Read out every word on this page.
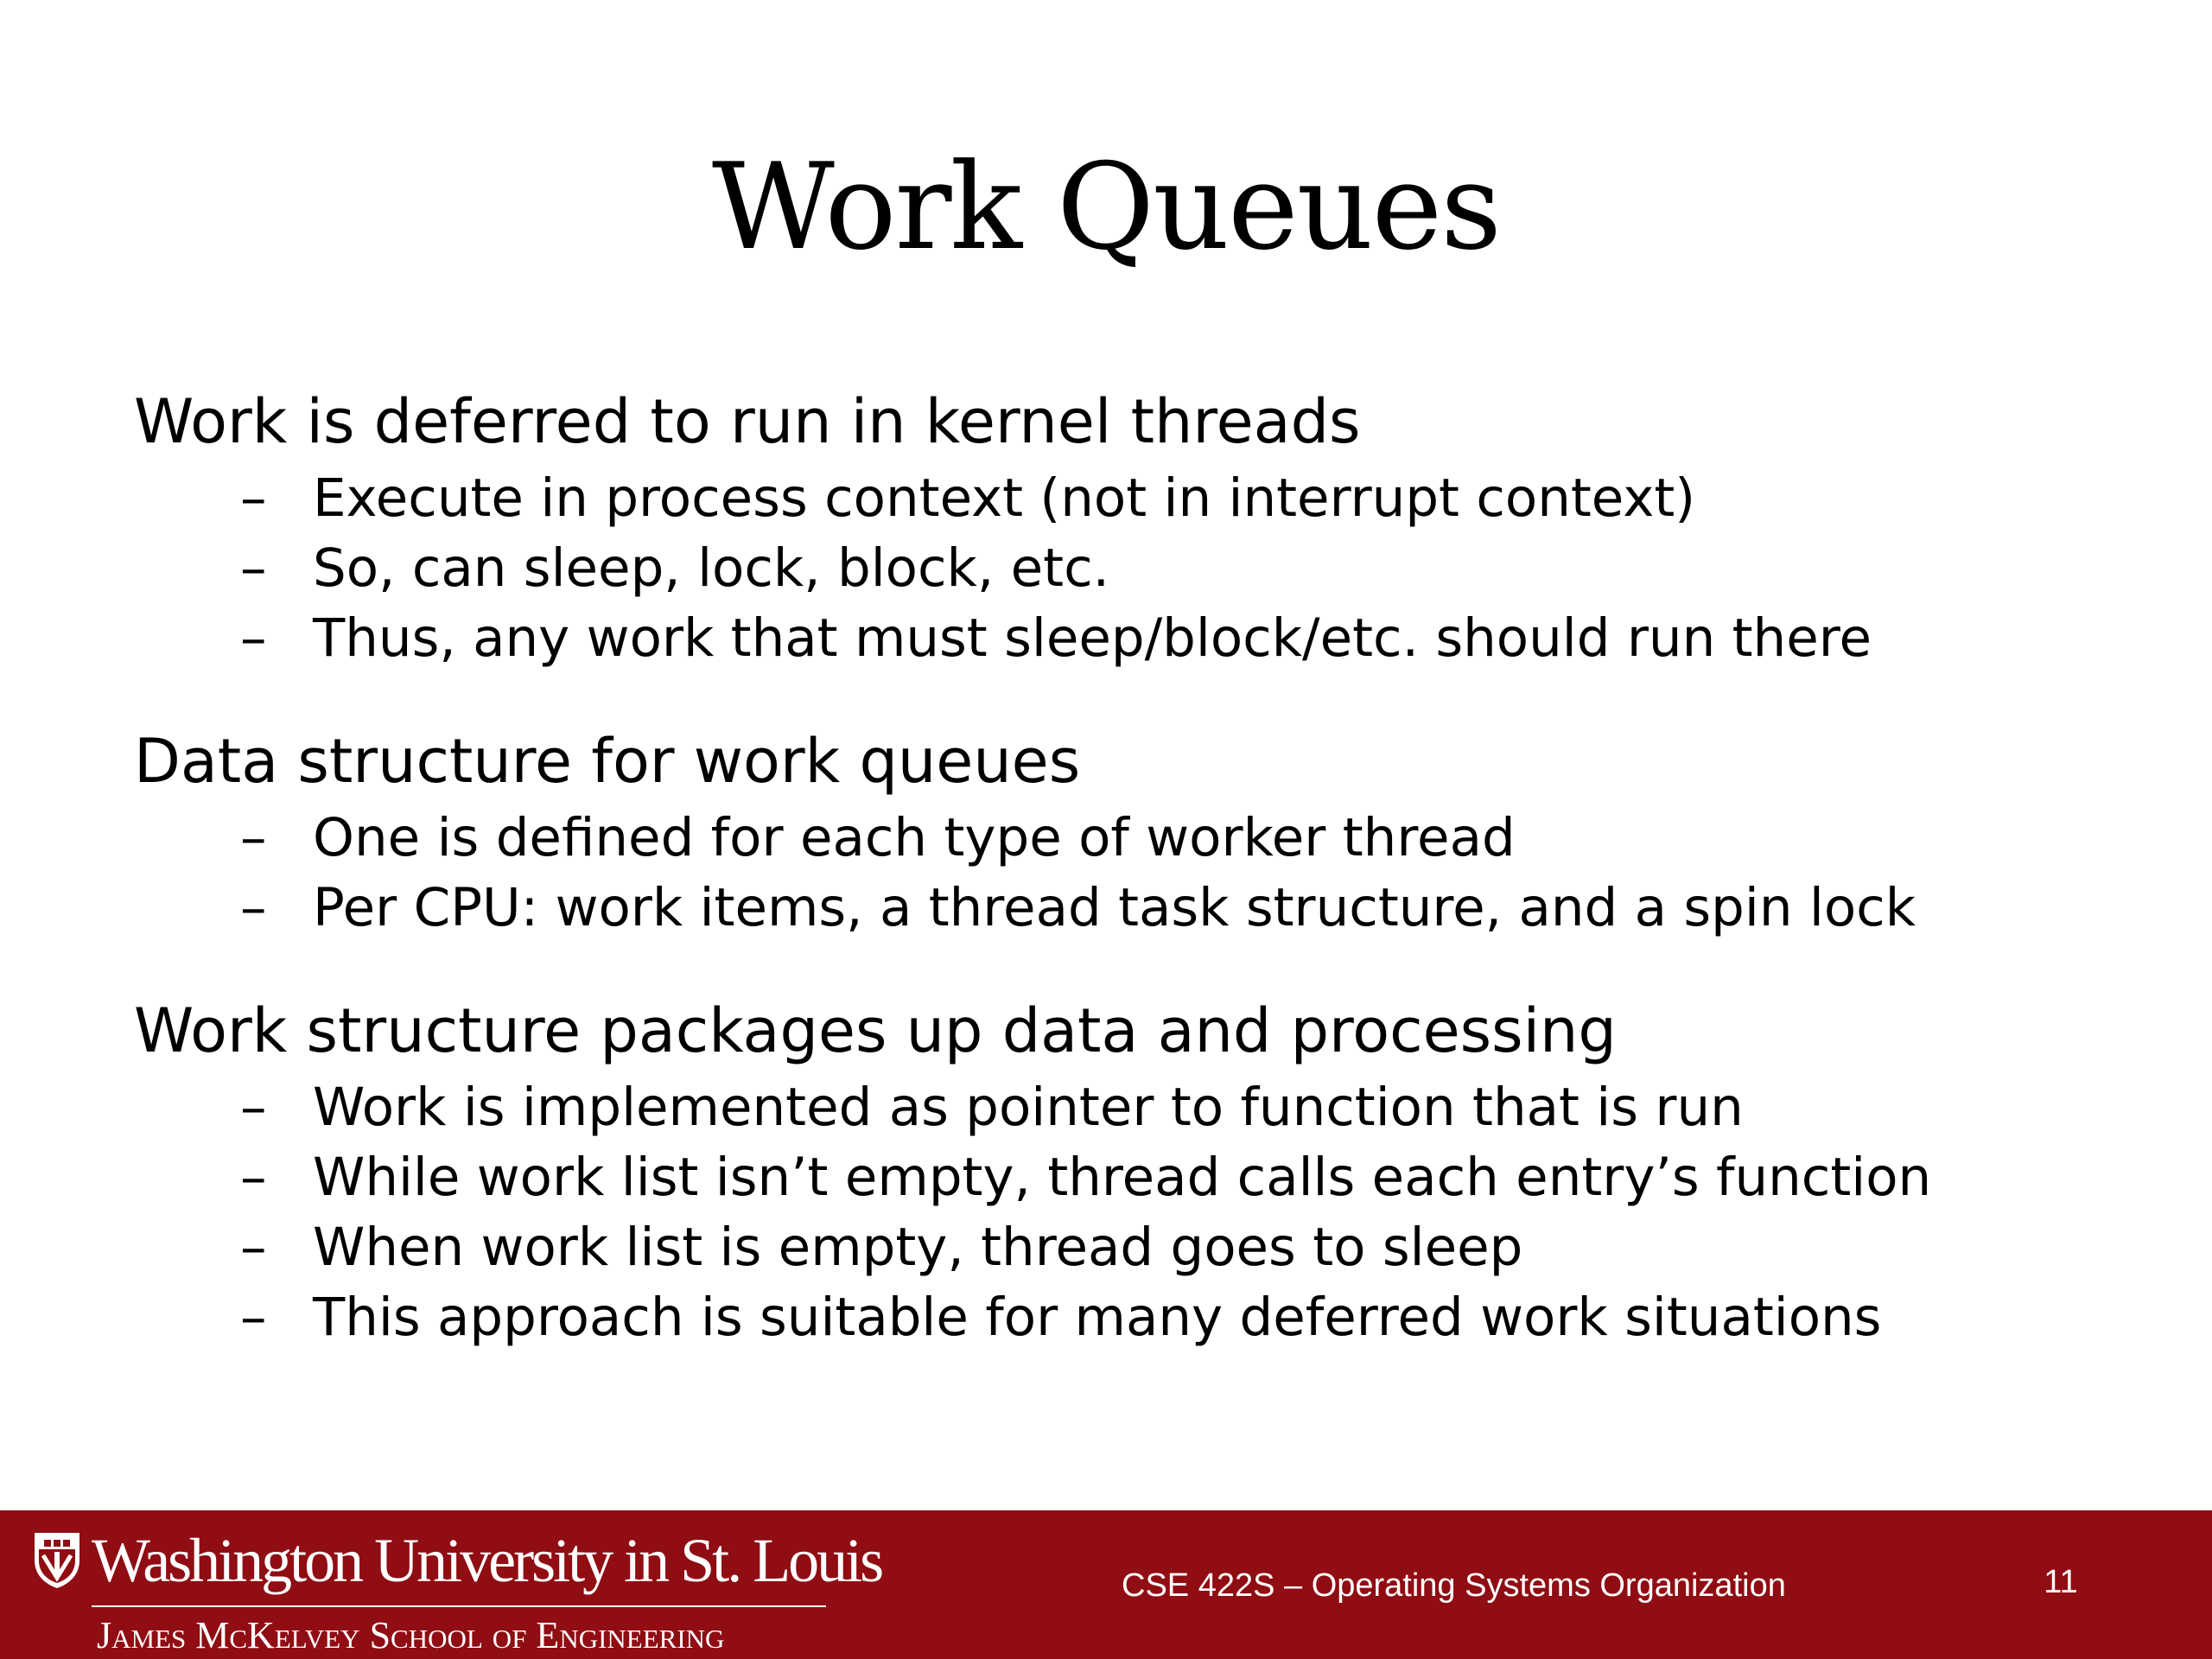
Work Queues
Work is deferred to run in kernel threads
– Execute in process context (not in interrupt context)
– So, can sleep, lock, block, etc.
– Thus, any work that must sleep/block/etc. should run there
Data structure for work queues
– One is defined for each type of worker thread
– Per CPU: work items, a thread task structure, and a spin lock
Work structure packages up data and processing
– Work is implemented as pointer to function that is run
– While work list isn’t empty, thread calls each entry’s function
– When work list is empty, thread goes to sleep
– This approach is suitable for many deferred work situations
Washington University in St. Louis
James McKelvey School of Engineering
CSE 422S – Operating Systems Organization	11
